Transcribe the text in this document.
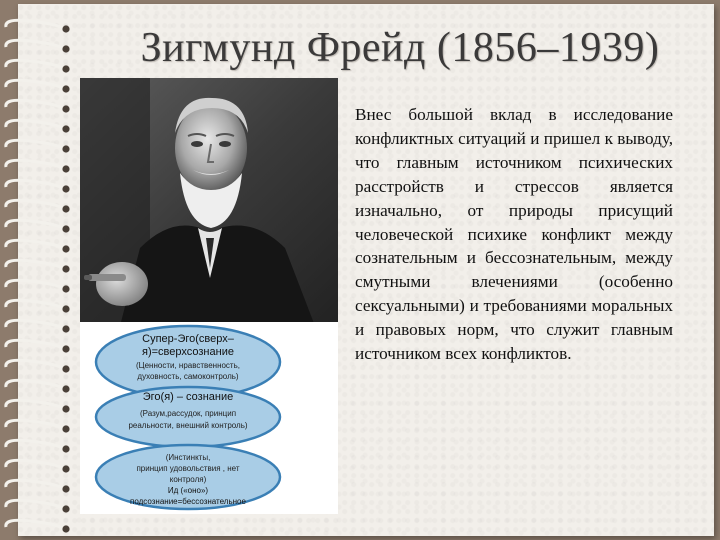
Зигмунд Фрейд (1856–1939)
Супер-Эго(сверх–
я)=сверхсознание
(Ценности, нравственность,
духовность, самоконтроль)
Эго(я) – сознание
(Разум,рассудок, принцип
реальности, внешний контроль)
(Инстинкты,
принцип удовольствия , нет
контроля)
Ид («оно»)
подсознание=бессознательное
Внес большой вклад в исследование конфликтных ситуаций и пришел к выводу, что главным источником психических расстройств и стрессов является изначально, от природы присущий человеческой психике конфликт между сознательным и бессознательным, между смутными влечениями (особенно сексуальными) и требованиями моральных и правовых норм, что служит главным источником всех конфликтов.
